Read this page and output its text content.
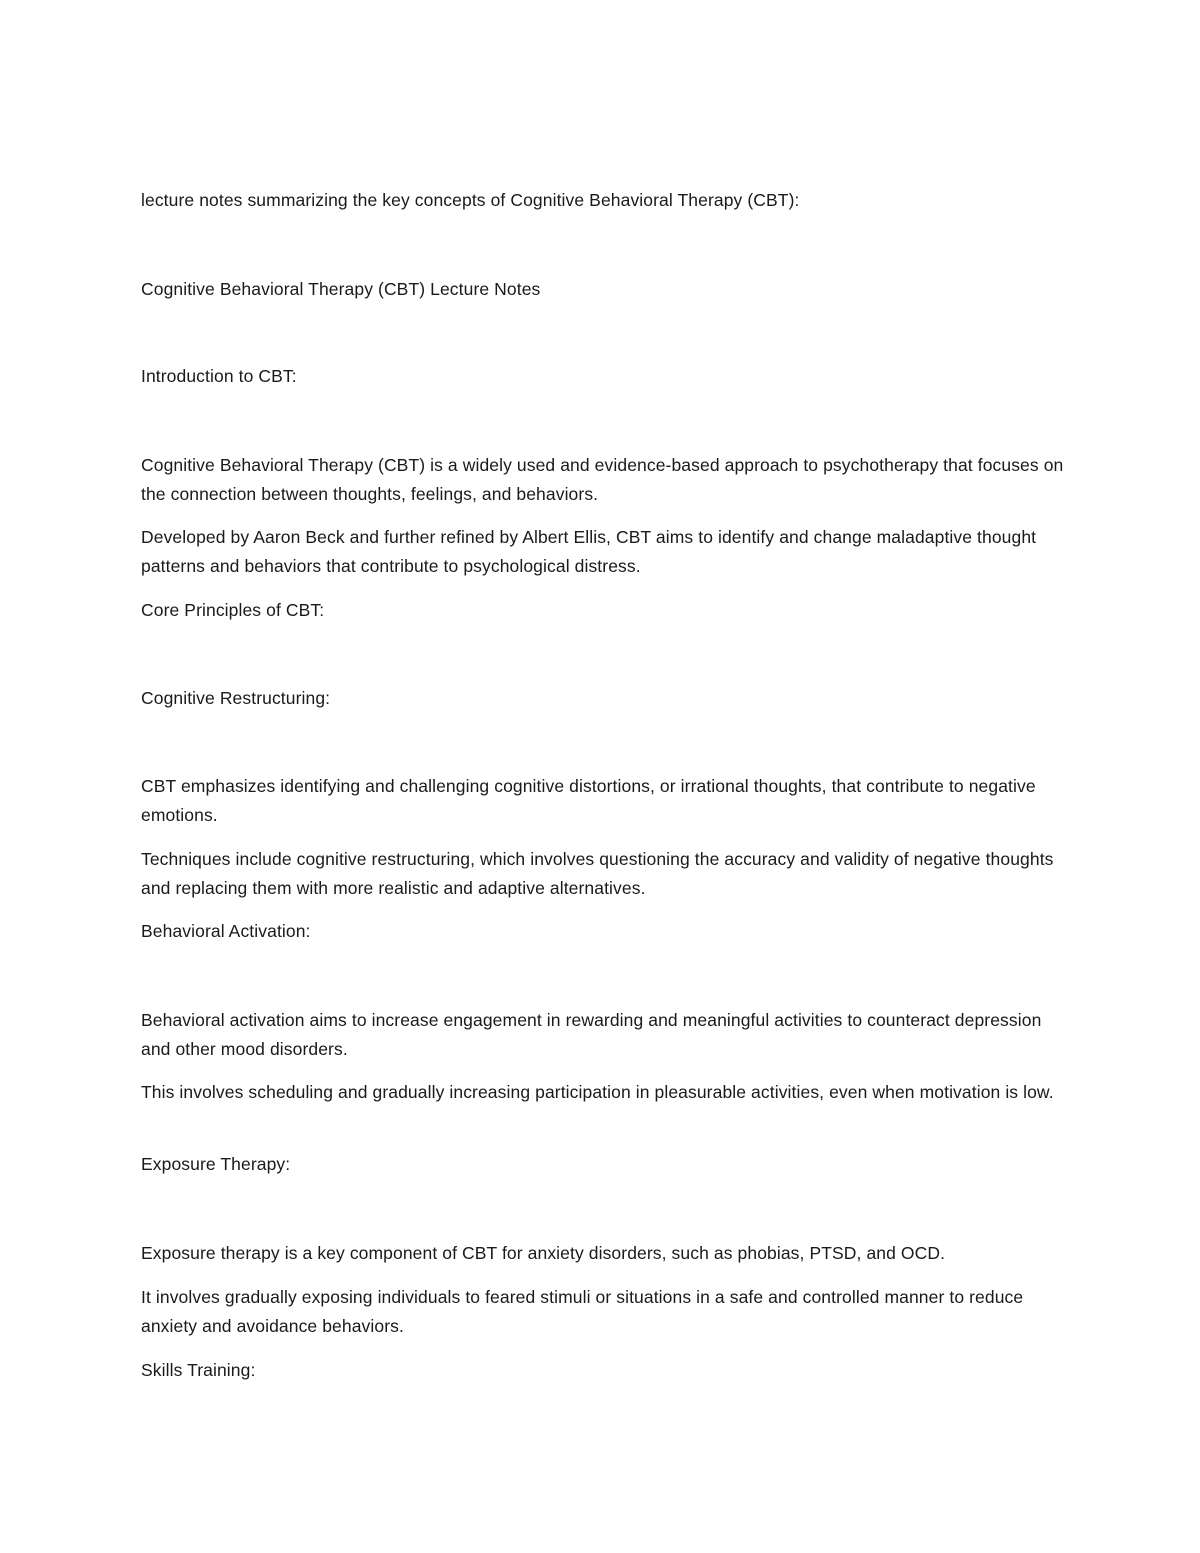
lecture notes summarizing the key concepts of Cognitive Behavioral Therapy (CBT):

Cognitive Behavioral Therapy (CBT) Lecture Notes

Introduction to CBT:

Cognitive Behavioral Therapy (CBT) is a widely used and evidence-based approach to psychotherapy that focuses on the connection between thoughts, feelings, and behaviors.

Developed by Aaron Beck and further refined by Albert Ellis, CBT aims to identify and change maladaptive thought patterns and behaviors that contribute to psychological distress.

Core Principles of CBT:

Cognitive Restructuring:

CBT emphasizes identifying and challenging cognitive distortions, or irrational thoughts, that contribute to negative emotions.

Techniques include cognitive restructuring, which involves questioning the accuracy and validity of negative thoughts and replacing them with more realistic and adaptive alternatives.

Behavioral Activation:

Behavioral activation aims to increase engagement in rewarding and meaningful activities to counteract depression and other mood disorders.

This involves scheduling and gradually increasing participation in pleasurable activities, even when motivation is low.

Exposure Therapy:

Exposure therapy is a key component of CBT for anxiety disorders, such as phobias, PTSD, and OCD.

It involves gradually exposing individuals to feared stimuli or situations in a safe and controlled manner to reduce anxiety and avoidance behaviors.

Skills Training:
